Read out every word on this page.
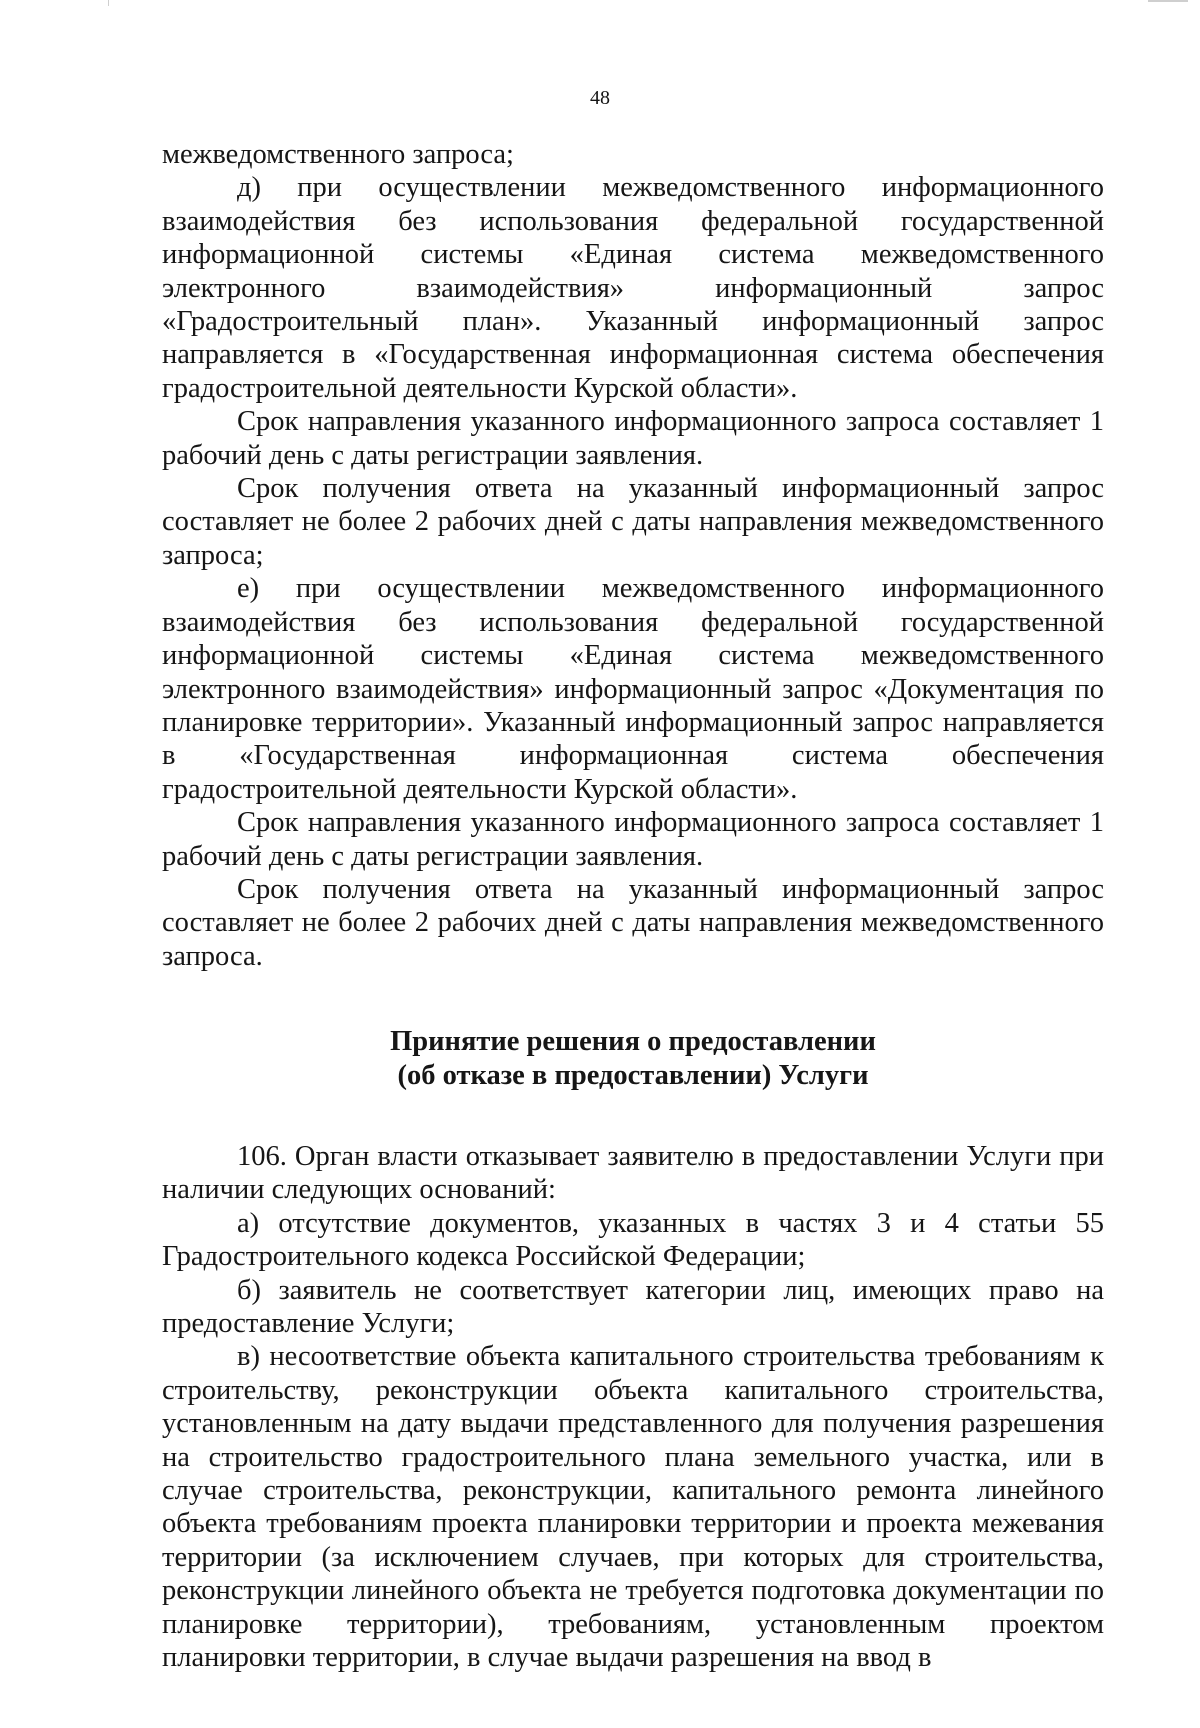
48

межведомственного запроса;

д) при осуществлении межведомственного информационного взаимодействия без использования федеральной государственной информационной системы «Единая система межведомственного электронного взаимодействия» информационный запрос «Градостроительный план». Указанный информационный запрос направляется в «Государственная информационная система обеспечения градостроительной деятельности Курской области».

Срок направления указанного информационного запроса составляет 1 рабочий день с даты регистрации заявления.

Срок получения ответа на указанный информационный запрос составляет не более 2 рабочих дней с даты направления межведомственного запроса;

е) при осуществлении межведомственного информационного взаимодействия без использования федеральной государственной информационной системы «Единая система межведомственного электронного взаимодействия» информационный запрос «Документация по планировке территории». Указанный информационный запрос направляется в «Государственная информационная система обеспечения градостроительной деятельности Курской области».

Срок направления указанного информационного запроса составляет 1 рабочий день с даты регистрации заявления.

Срок получения ответа на указанный информационный запрос составляет не более 2 рабочих дней с даты направления межведомственного запроса.

Принятие решения о предоставлении
(об отказе в предоставлении) Услуги

106. Орган власти отказывает заявителю в предоставлении Услуги при наличии следующих оснований:

а) отсутствие документов, указанных в частях 3 и 4 статьи 55 Градостроительного кодекса Российской Федерации;

б) заявитель не соответствует категории лиц, имеющих право на предоставление Услуги;

в) несоответствие объекта капитального строительства требованиям к строительству, реконструкции объекта капитального строительства, установленным на дату выдачи представленного для получения разрешения на строительство градостроительного плана земельного участка, или в случае строительства, реконструкции, капитального ремонта линейного объекта требованиям проекта планировки территории и проекта межевания территории (за исключением случаев, при которых для строительства, реконструкции линейного объекта не требуется подготовка документации по планировке территории), требованиям, установленным проектом планировки территории, в случае выдачи разрешения на ввод в
